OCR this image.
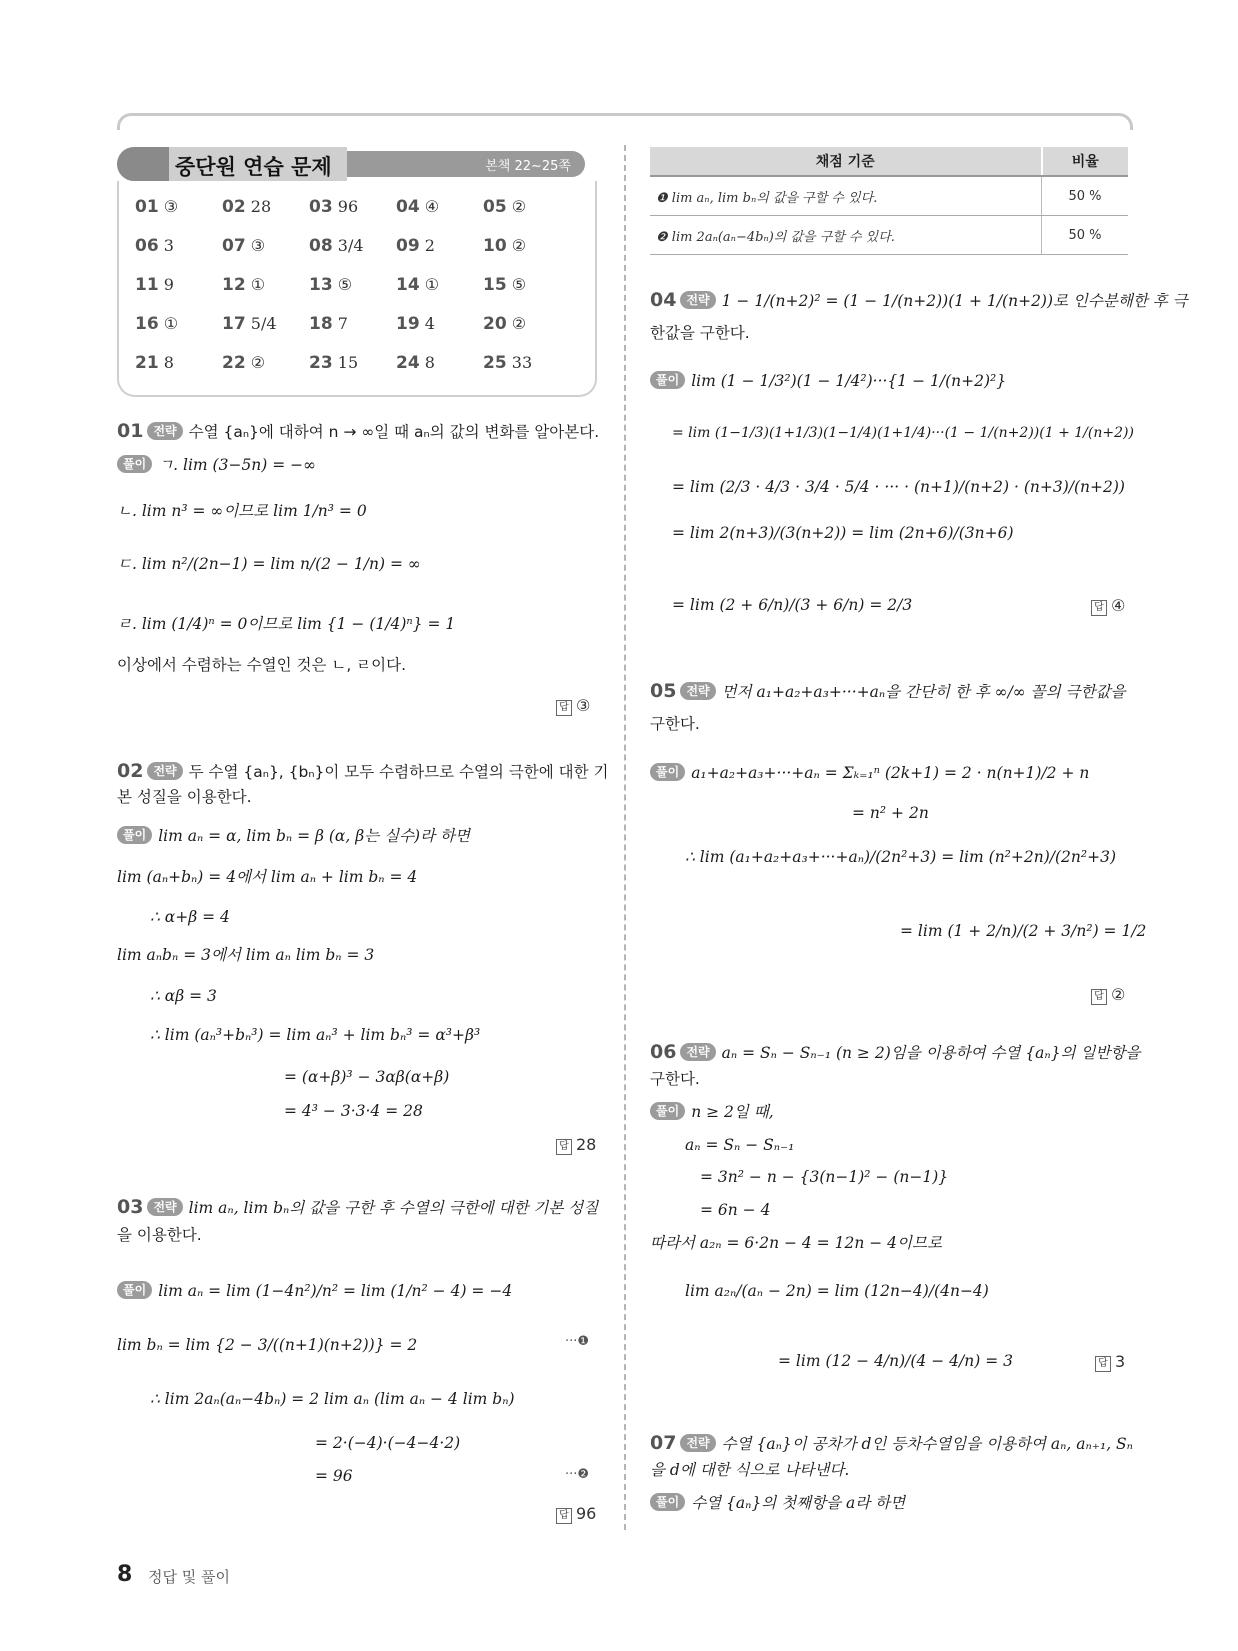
본책 22~25쪽
중단원 연습 문제
01 ③	02 28 03 96 04 ④	05 ②
06 3	07 ③	08 3/4 09 2	10 ②
11 9	12 ①	13 ⑤	14 ①	15 ⑤
16 ①	17 5/4 18 7	19 4	20 ②
21 8	22 ②	23 15 24 8	25 33
01 전략 수열 {aₙ}에 대하여 n → ∞일 때 aₙ의 값의 변화를 알아본다.
풀이 ㄱ. lim (3−5n) = −∞
ㄴ. lim n³ = ∞이므로 lim 1/n³ = 0
ㄷ. lim n²/(2n−1) = lim n/(2 − 1/n) = ∞
ㄹ. lim (1/4)ⁿ = 0이므로 lim {1 − (1/4)ⁿ} = 1
이상에서 수렴하는 수열인 것은 ㄴ, ㄹ이다.
답 ③
02 전략 두 수열 {aₙ}, {bₙ}이 모두 수렴하므로 수열의 극한에 대한 기
본 성질을 이용한다.
풀이 lim aₙ = α, lim bₙ = β (α, β는 실수)라 하면
lim (aₙ+bₙ) = 4에서 lim aₙ + lim bₙ = 4
∴ α+β = 4
lim aₙbₙ = 3에서 lim aₙ lim bₙ = 3
∴ αβ = 3
∴ lim (aₙ³+bₙ³) = lim aₙ³ + lim bₙ³ = α³+β³
= (α+β)³ − 3αβ(α+β)
= 4³ − 3·3·4 = 28
답 28
03 전략 lim aₙ, lim bₙ의 값을 구한 후 수열의 극한에 대한 기본 성질
을 이용한다.
풀이 lim aₙ = lim (1−4n²)/n² = lim (1/n² − 4) = −4
lim bₙ = lim {2 − 3/((n+1)(n+2))} = 2	···❶
∴ lim 2aₙ(aₙ−4bₙ) = 2 lim aₙ (lim aₙ − 4 lim bₙ)
= 2·(−4)·(−4−4·2)
= 96	···❷
답 96
채점 기준	비율
❶ lim aₙ, lim bₙ의 값을 구할 수 있다.	50 %
❷ lim 2aₙ(aₙ−4bₙ)의 값을 구할 수 있다.	50 %
04 전략 1 − 1/(n+2)² = (1 − 1/(n+2))(1 + 1/(n+2))로 인수분해한 후 극
한값을 구한다.
풀이 lim (1 − 1/3²)(1 − 1/4²)···{1 − 1/(n+2)²}
= lim (1−1/3)(1+1/3)(1−1/4)(1+1/4)···(1 − 1/(n+2))(1 + 1/(n+2))
= lim (2/3 · 4/3 · 3/4 · 5/4 · ··· · (n+1)/(n+2) · (n+3)/(n+2))
= lim 2(n+3)/(3(n+2)) = lim (2n+6)/(3n+6)
= lim (2 + 6/n)/(3 + 6/n) = 2/3	답 ④
05 전략 먼저 a₁+a₂+a₃+···+aₙ을 간단히 한 후 ∞/∞ 꼴의 극한값을
구한다.
풀이 a₁+a₂+a₃+···+aₙ = Σₖ₌₁ⁿ (2k+1) = 2 · n(n+1)/2 + n
= n² + 2n
∴ lim (a₁+a₂+a₃+···+aₙ)/(2n²+3) = lim (n²+2n)/(2n²+3)
= lim (1 + 2/n)/(2 + 3/n²) = 1/2
답 ②
06 전략 aₙ = Sₙ − Sₙ₋₁ (n ≥ 2)임을 이용하여 수열 {aₙ}의 일반항을
구한다.
풀이 n ≥ 2일 때,
aₙ = Sₙ − Sₙ₋₁
= 3n² − n − {3(n−1)² − (n−1)}
= 6n − 4
따라서 a₂ₙ = 6·2n − 4 = 12n − 4이므로
lim a₂ₙ/(aₙ − 2n) = lim (12n−4)/(4n−4)
= lim (12 − 4/n)/(4 − 4/n) = 3	답 3
07 전략 수열 {aₙ}이 공차가 d인 등차수열임을 이용하여 aₙ, aₙ₊₁, Sₙ
을 d에 대한 식으로 나타낸다.
풀이 수열 {aₙ}의 첫째항을 a라 하면
8 정답 및 풀이
